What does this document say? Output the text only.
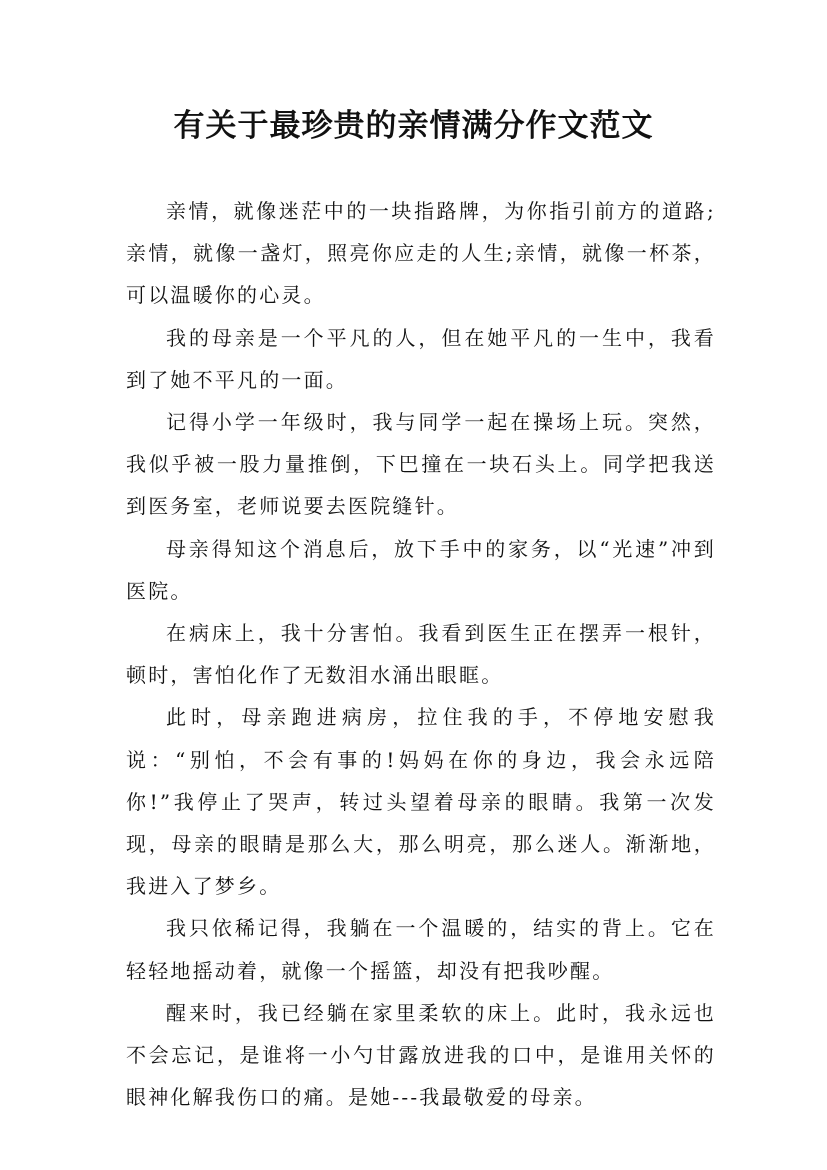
有关于最珍贵的亲情满分作文范文

亲情，就像迷茫中的一块指路牌，为你指引前方的道路;亲情，就像一盏灯，照亮你应走的人生;亲情，就像一杯茶，可以温暖你的心灵。

我的母亲是一个平凡的人，但在她平凡的一生中，我看到了她不平凡的一面。

记得小学一年级时，我与同学一起在操场上玩。突然，我似乎被一股力量推倒，下巴撞在一块石头上。同学把我送到医务室，老师说要去医院缝针。

母亲得知这个消息后，放下手中的家务，以“光速”冲到医院。

在病床上，我十分害怕。我看到医生正在摆弄一根针，顿时，害怕化作了无数泪水涌出眼眶。

此时，母亲跑进病房，拉住我的手，不停地安慰我说：“别怕，不会有事的!妈妈在你的身边，我会永远陪你!”我停止了哭声，转过头望着母亲的眼睛。我第一次发现，母亲的眼睛是那么大，那么明亮，那么迷人。渐渐地，我进入了梦乡。

我只依稀记得，我躺在一个温暖的，结实的背上。它在轻轻地摇动着，就像一个摇篮，却没有把我吵醒。

醒来时，我已经躺在家里柔软的床上。此时，我永远也不会忘记，是谁将一小勺甘露放进我的口中，是谁用关怀的眼神化解我伤口的痛。是她---我最敬爱的母亲。
